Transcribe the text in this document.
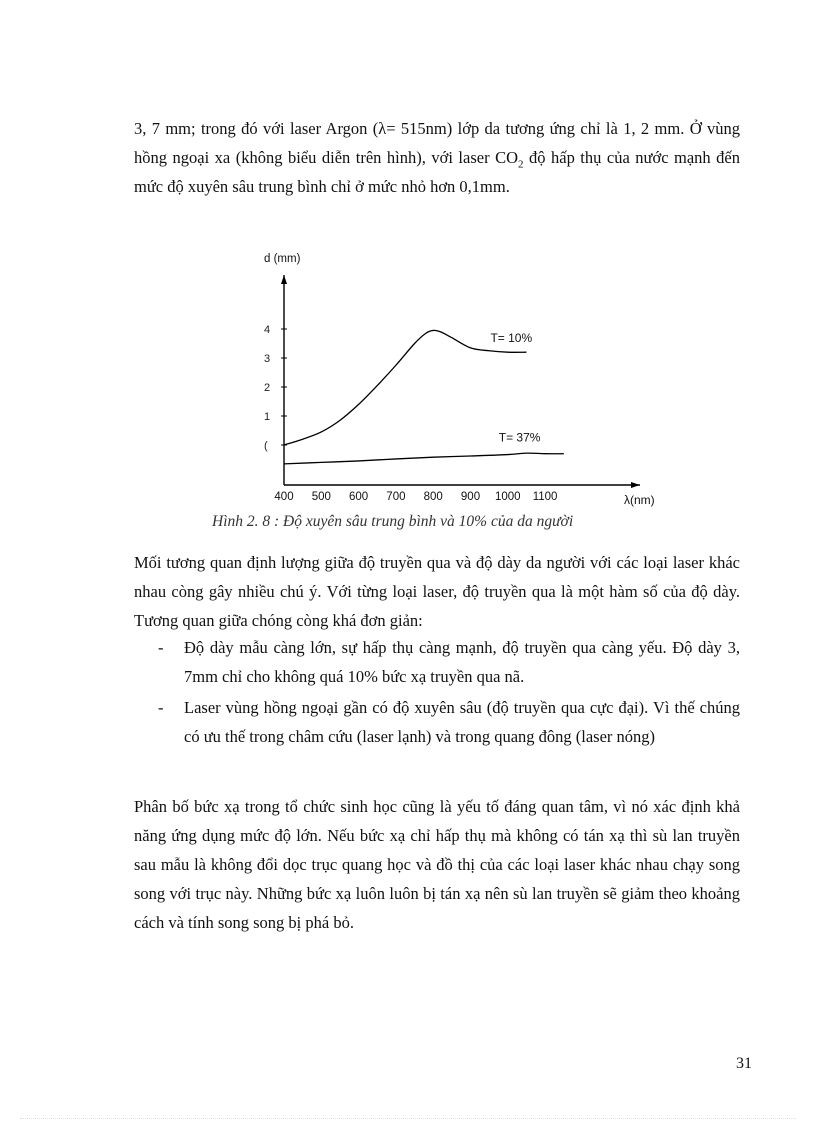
3, 7 mm; trong đó với laser Argon (λ= 515nm) lớp da tương ứng chỉ là 1, 2 mm. Ở vùng hồng ngoại xa (không biểu diễn trên hình), với laser $CO_2$ độ hấp thụ của nước mạnh đến mức độ xuyên sâu trung bình chỉ ở mức nhỏ hơn 0,1mm.

400 500 600 700 800 900 1000 1100
(
1
2
3
4
T= 10%
T= 37%
d (mm)
λ(nm)
Hình 2. 8 : Độ xuyên sâu trung bình và 10% của da người

Mối tương quan định lượng giữa độ truyền qua và độ dày da người với các loại laser khác nhau còng gây nhiều chú ý. Với từng loại laser, độ truyền qua là một hàm số của độ dày. Tương quan giữa chóng còng khá đơn giản:

- Độ dày mẫu càng lớn, sự hấp thụ càng mạnh, độ truyền qua càng yếu. Độ dày 3, 7mm chỉ cho không quá 10% bức xạ truyền qua nã.
- Laser vùng hồng ngoại gần có độ xuyên sâu (độ truyền qua cực đại). Vì thế chúng có ưu thế trong châm cứu (laser lạnh) và trong quang đông (laser nóng)

Phân bố bức xạ trong tổ chức sinh học cũng là yếu tố đáng quan tâm, vì nó xác định khả năng ứng dụng mức độ lớn. Nếu bức xạ chỉ hấp thụ mà không có tán xạ thì sù lan truyền sau mẫu là không đổi dọc trục quang học và đồ thị của các loại laser khác nhau chạy song song với trục này. Những bức xạ luôn luôn bị tán xạ nên sù lan truyền sẽ giảm theo khoảng cách và tính song song bị phá bỏ.

31
